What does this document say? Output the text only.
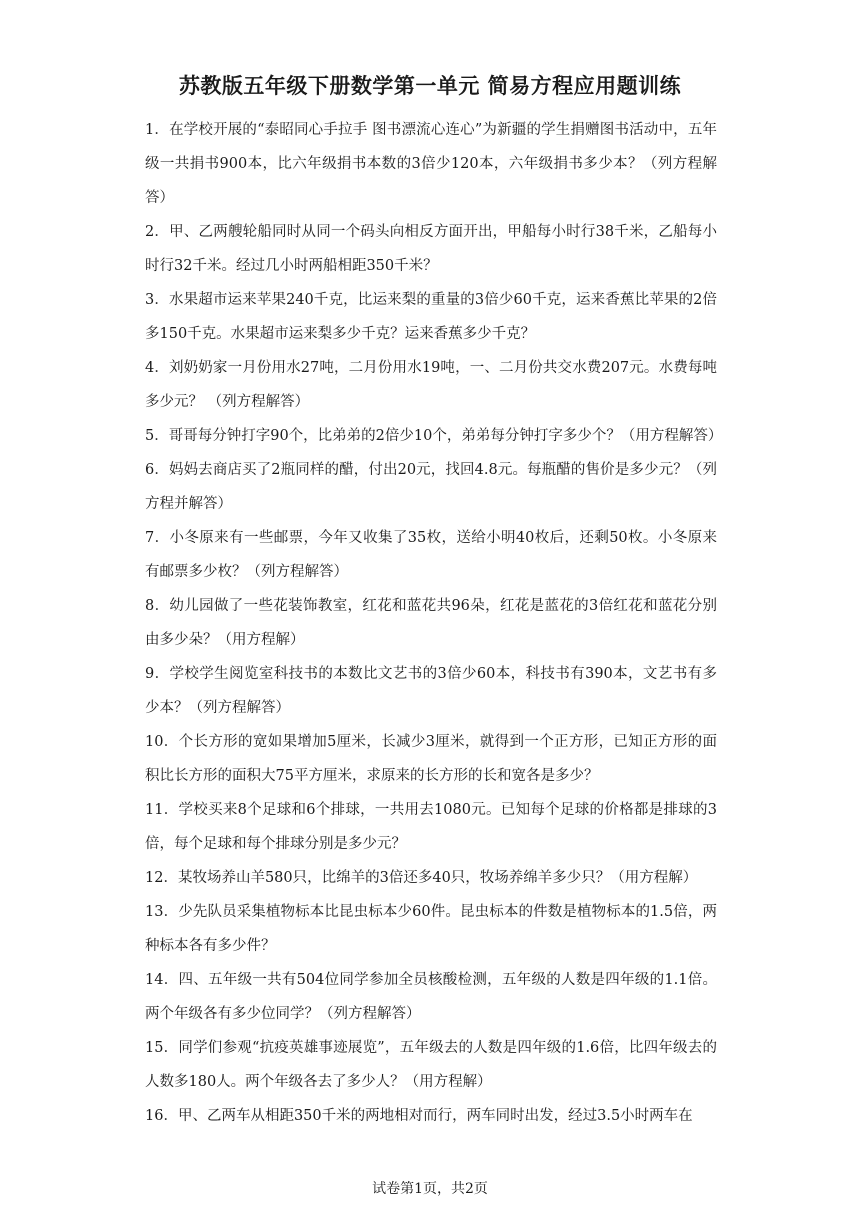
苏教版五年级下册数学第一单元 简易方程应用题训练
1．在学校开展的“泰昭同心手拉手 图书漂流心连心”为新疆的学生捐赠图书活动中，五年级一共捐书900本，比六年级捐书本数的3倍少120本，六年级捐书多少本？（列方程解答）
2．甲、乙两艘轮船同时从同一个码头向相反方面开出，甲船每小时行38千米，乙船每小时行32千米。经过几小时两船相距350千米？
3．水果超市运来苹果240千克，比运来梨的重量的3倍少60千克，运来香蕉比苹果的2倍多150千克。水果超市运来梨多少千克？运来香蕉多少千克？
4．刘奶奶家一月份用水27吨，二月份用水19吨，一、二月份共交水费207元。水费每吨多少元？ （列方程解答）
5．哥哥每分钟打字90个，比弟弟的2倍少10个，弟弟每分钟打字多少个？（用方程解答）
6．妈妈去商店买了2瓶同样的醋，付出20元，找回4.8元。每瓶醋的售价是多少元？（列方程并解答）
7．小冬原来有一些邮票，今年又收集了35枚，送给小明40枚后，还剩50枚。小冬原来有邮票多少枚？（列方程解答）
8．幼儿园做了一些花装饰教室，红花和蓝花共96朵，红花是蓝花的3倍红花和蓝花分别由多少朵？（用方程解）
9．学校学生阅览室科技书的本数比文艺书的3倍少60本，科技书有390本，文艺书有多少本？（列方程解答）
10．个长方形的宽如果增加5厘米，长减少3厘米，就得到一个正方形，已知正方形的面积比长方形的面积大75平方厘米，求原来的长方形的长和宽各是多少？
11．学校买来8个足球和6个排球，一共用去1080元。已知每个足球的价格都是排球的3倍，每个足球和每个排球分别是多少元？
12．某牧场养山羊580只，比绵羊的3倍还多40只，牧场养绵羊多少只？（用方程解）
13．少先队员采集植物标本比昆虫标本少60件。昆虫标本的件数是植物标本的1.5倍，两种标本各有多少件？
14．四、五年级一共有504位同学参加全员核酸检测，五年级的人数是四年级的1.1倍。两个年级各有多少位同学？（列方程解答）
15．同学们参观“抗疫英雄事迹展览”，五年级去的人数是四年级的1.6倍，比四年级去的人数多180人。两个年级各去了多少人？（用方程解）
16．甲、乙两车从相距350千米的两地相对而行，两车同时出发，经过3.5小时两车在
试卷第1页，共2页
